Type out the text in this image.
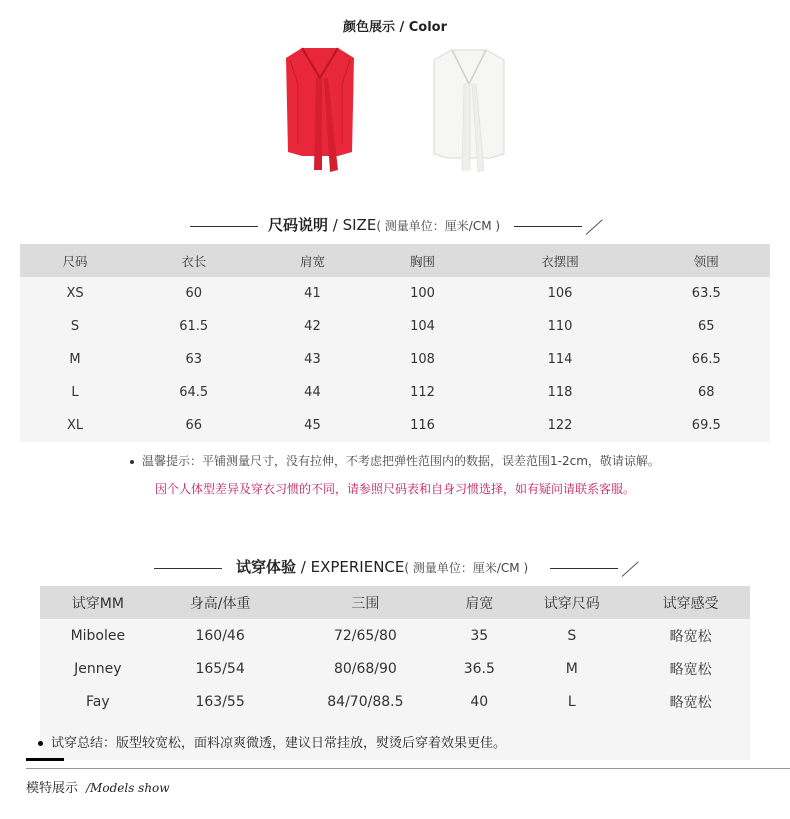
颜色展示 / Color
尺码说明 / SIZE( 测量单位：厘米/CM )
尺码	衣长	肩宽	胸围	衣摆围	领围
XS	60	41	100	106	63.5
S	61.5	42	104	110	65
M	63	43	108	114	66.5
L	64.5	44	112	118	68
XL	66	45	116	122	69.5
温馨提示：平铺测量尺寸，没有拉伸，不考虑把弹性范围内的数据，误差范围1-2cm，敬请谅解。
因个人体型差异及穿衣习惯的不同，请参照尺码表和自身习惯选择，如有疑问请联系客服。
试穿体验 / EXPERIENCE( 测量单位：厘米/CM )
试穿MM	身高/体重	三围	肩宽	试穿尺码	试穿感受
Mibolee	160/46	72/65/80	35	S	略宽松
Jenney	165/54	80/68/90	36.5	M	略宽松
Fay	163/55	84/70/88.5	40	L	略宽松
试穿总结：版型较宽松，面料凉爽微透，建议日常挂放，熨烫后穿着效果更佳。
模特展示 /Models show
